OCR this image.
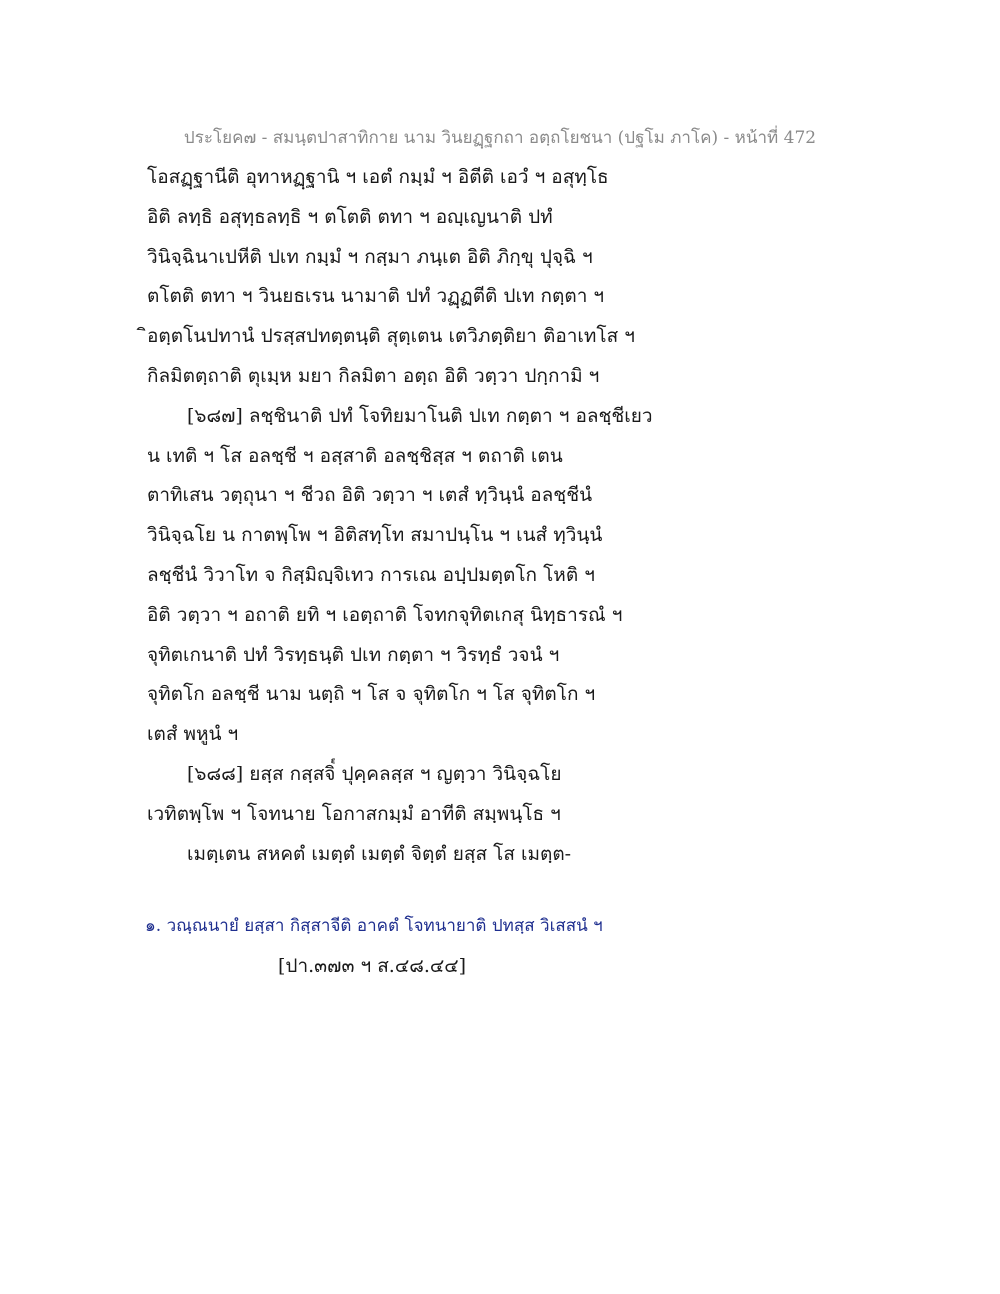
ประโยค๗ - สมนฺตปาสาทิกาย นาม วินยฏฺฐกถา อตฺถโยชนา (ปฐโม ภาโค) - หน้าที่ 472
โอสฏฺฐานีติ อุทาหฏฺฐานิ ฯ เอตํ กมฺมํ ฯ อิตีติ เอวํ ฯ อสุทฺโธ
อิติ ลทฺธิ อสุทฺธลทฺธิ ฯ ตโตติ ตทา ฯ อญฺเญนาติ ปทํ
วินิจฺฉินาเปหีติ ปเท กมฺมํ ฯ กสฺมา ภนฺเต อิติ ภิกฺขุ ปุจฺฉิ ฯ
ตโตติ ตทา ฯ วินยธเรน นามาติ ปทํ วฏฺฏตีติ ปเท กตฺตา ฯ
ิอตฺตโนปทานํ ปรสฺสปทตฺตนฺติ สุตฺเตน เตวิภตฺติยา ติอาเทโส ฯ
กิลมิตตฺถาติ ตุเมฺห มยา กิลมิตา อตฺถ อิติ วตฺวา ปกฺกามิ ฯ
[๖๘๗] ลชฺชินาติ ปทํ โจทิยมาโนติ ปเท กตฺตา ฯ อลชฺชีเยว
น เทติ ฯ โส อลชฺชี ฯ อสฺสาติ อลชฺชิสฺส ฯ ตถาติ เตน
ตาทิเสน วตฺถุนา ฯ ชีวถ อิติ วตฺวา ฯ เตสํ ทฺวินฺนํ อลชฺชีนํ
วินิจฺฉโย น กาตพฺโพ ฯ อิติสทฺโท สมาปนฺโน ฯ เนสํ ทฺวินฺนํ
ลชฺชีนํ วิวาโท จ กิสฺมิญฺจิเทว การเณ อปฺปมตฺตโก โหติ ฯ
อิติ วตฺวา ฯ อถาติ ยทิ ฯ เอตฺถาติ โจทกจุทิตเกสุ นิทฺธารณํ ฯ
จุทิตเกนาติ ปทํ วิรทฺธนฺติ ปเท กตฺตา ฯ วิรทฺธํ วจนํ ฯ
จุทิตโก อลชฺชี นาม นตฺถิ ฯ โส จ จุทิตโก ฯ โส จุทิตโก ฯ
เตสํ พหูนํ ฯ
[๖๘๘] ยสฺส กสฺสจิ๎ ปุคฺคลสฺส ฯ ญตฺวา วินิจฺฉโย
เวทิตพฺโพ ฯ โจทนาย โอกาสกมฺมํ อาทีติ สมฺพนฺโธ ฯ
เมตฺเตน สหคตํ เมตฺตํ เมตฺตํ จิตฺตํ ยสฺส โส เมตฺต-
๑. วณฺณนายํ ยสฺสา กิสฺสาจีติ อาคตํ โจทนายาติ ปทสฺส วิเสสนํ ฯ
[ปา.๓๗๓ ฯ ส.๔๘.๔๔]
